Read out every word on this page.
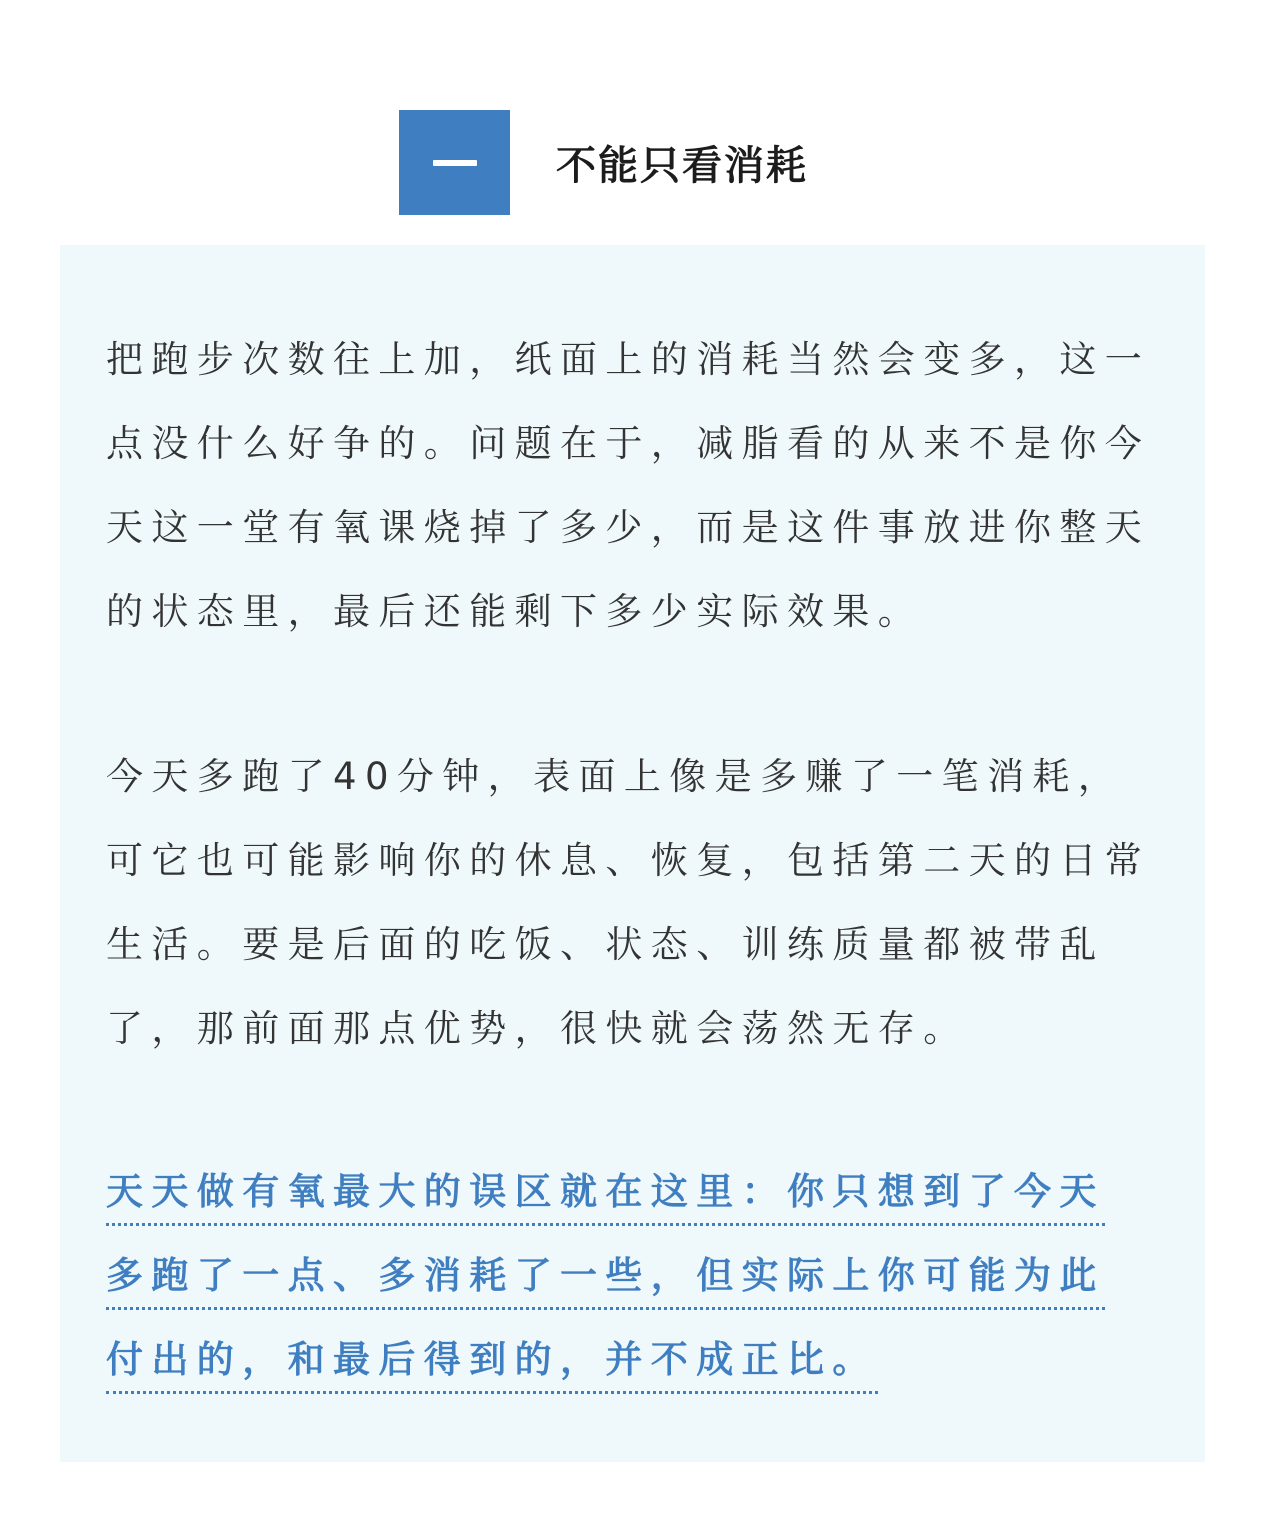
不能只看消耗

把跑步次数往上加，纸面上的消耗当然会变多，这一点没什么好争的。问题在于，减脂看的从来不是你今天这一堂有氧课烧掉了多少，而是这件事放进你整天的状态里，最后还能剩下多少实际效果。

今天多跑了40分钟，表面上像是多赚了一笔消耗，可它也可能影响你的休息、恢复，包括第二天的日常生活。要是后面的吃饭、状态、训练质量都被带乱了，那前面那点优势，很快就会荡然无存。

天天做有氧最大的误区就在这里：你只想到了今天
多跑了一点、多消耗了一些，但实际上你可能为此
付出的，和最后得到的，并不成正比。
